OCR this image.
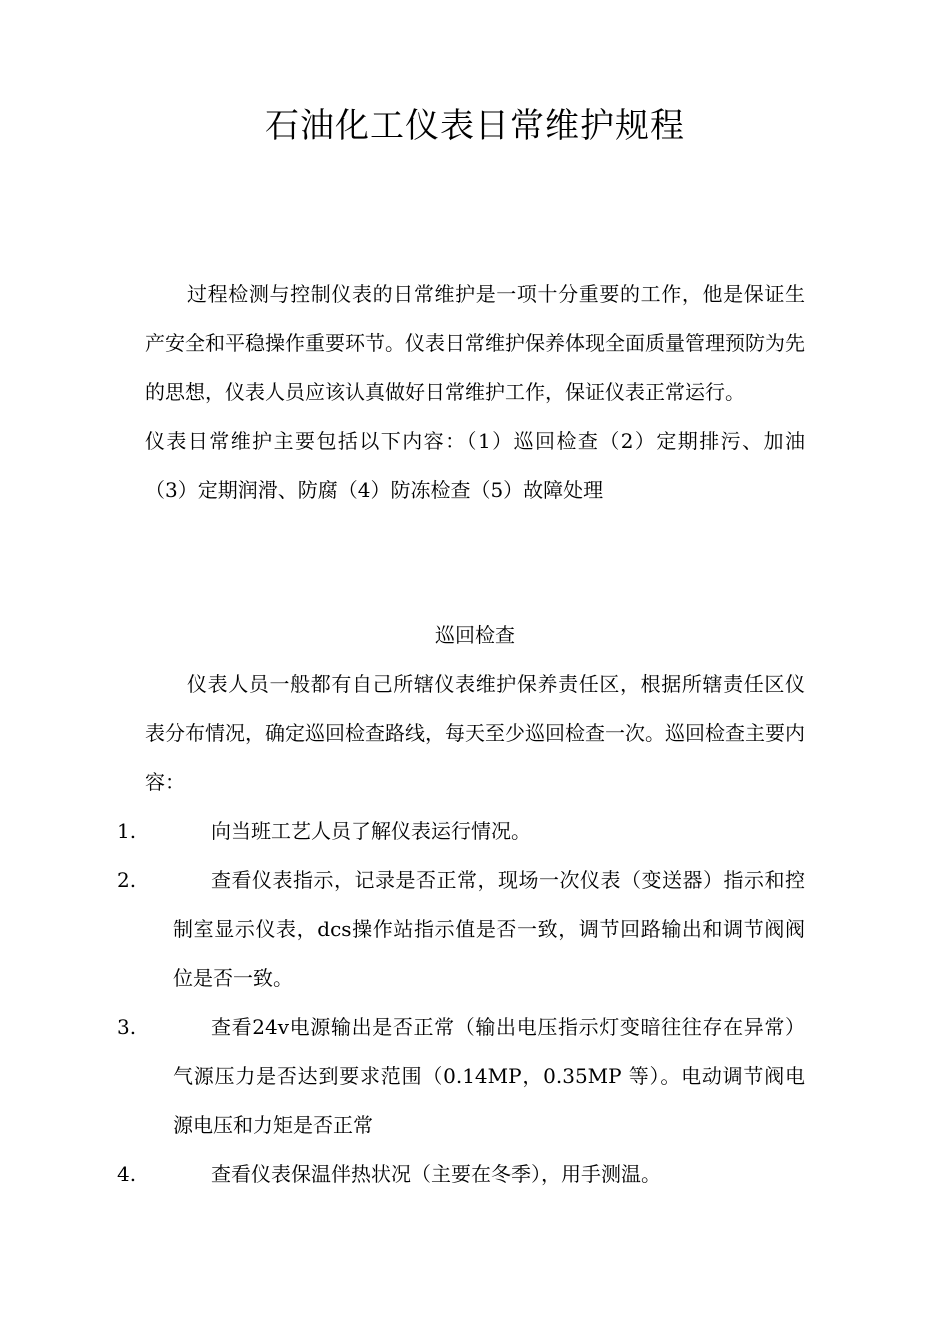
石油化工仪表日常维护规程

过程检测与控制仪表的日常维护是一项十分重要的工作，他是保证生产安全和平稳操作重要环节。仪表日常维护保养体现全面质量管理预防为先的思想，仪表人员应该认真做好日常维护工作，保证仪表正常运行。

仪表日常维护主要包括以下内容：（1）巡回检查（2）定期排污、加油 （3）定期润滑、防腐（4）防冻检查（5）故障处理

巡回检查

仪表人员一般都有自己所辖仪表维护保养责任区，根据所辖责任区仪表分布情况，确定巡回检查路线，每天至少巡回检查一次。巡回检查主要内容：

1.	向当班工艺人员了解仪表运行情况。
2.	查看仪表指示，记录是否正常，现场一次仪表（变送器）指示和控制室显示仪表，dcs操作站指示值是否一致，调节回路输出和调节阀阀位是否一致。
3.	查看24v电源输出是否正常（输出电压指示灯变暗往往存在异常）气源压力是否达到要求范围（0.14MP，0.35MP 等）。电动调节阀电源电压和力矩是否正常
4.	查看仪表保温伴热状况（主要在冬季），用手测温。
